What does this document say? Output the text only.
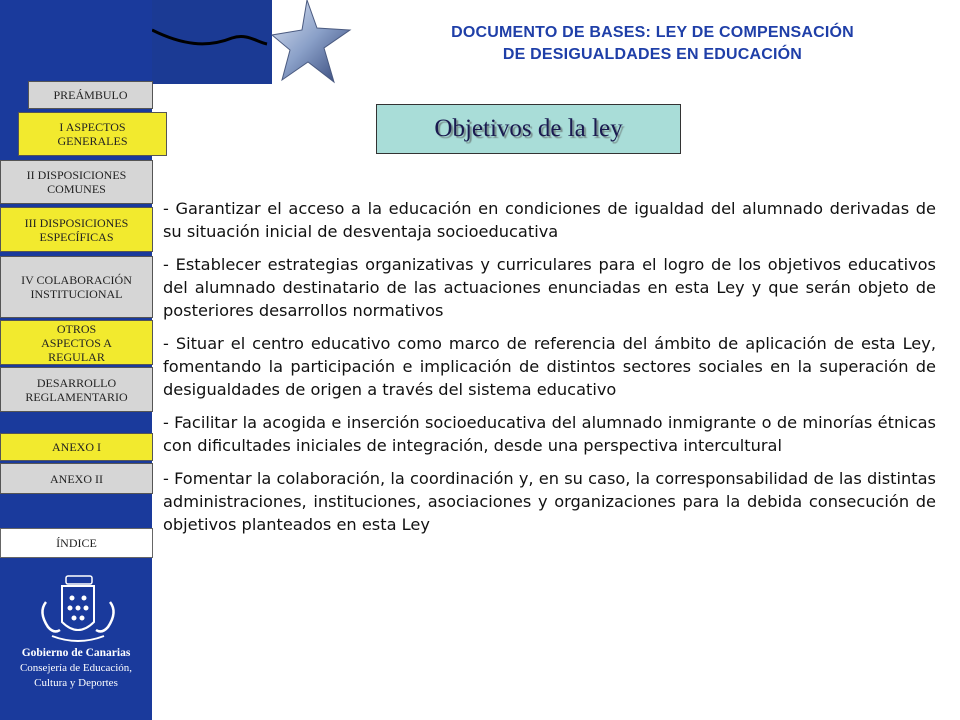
DOCUMENTO DE BASES: LEY DE COMPENSACIÓN
DE DESIGUALDADES EN EDUCACIÓN
PREÁMBULO
I ASPECTOS GENERALES
II DISPOSICIONES COMUNES
III DISPOSICIONES ESPECÍFICAS
IV COLABORACIÓN INSTITUCIONAL
OTROS ASPECTOS A REGULAR
DESARROLLO REGLAMENTARIO
ANEXO I
ANEXO II
ÍNDICE
Objetivos de la ley

- Garantizar el acceso a la educación en condiciones de igualdad del alumnado derivadas de su situación inicial de desventaja socioeducativa

- Establecer estrategias organizativas y curriculares para el logro de los objetivos educativos del alumnado destinatario de las actuaciones enunciadas en esta Ley y que serán objeto de posteriores desarrollos normativos

- Situar el centro educativo como marco de referencia del ámbito de aplicación de esta Ley, fomentando la participación e implicación de distintos sectores sociales en la superación de desigualdades de origen a través del sistema educativo

- Facilitar la acogida e inserción socioeducativa del alumnado inmigrante o de minorías étnicas con dificultades iniciales de integración, desde una perspectiva intercultural

- Fomentar la colaboración, la coordinación y, en su caso, la corresponsabilidad de las distintas administraciones, instituciones, asociaciones y organizaciones para la debida consecución de objetivos planteados en esta Ley

Gobierno de Canarias
Consejería de Educación,
Cultura y Deportes
